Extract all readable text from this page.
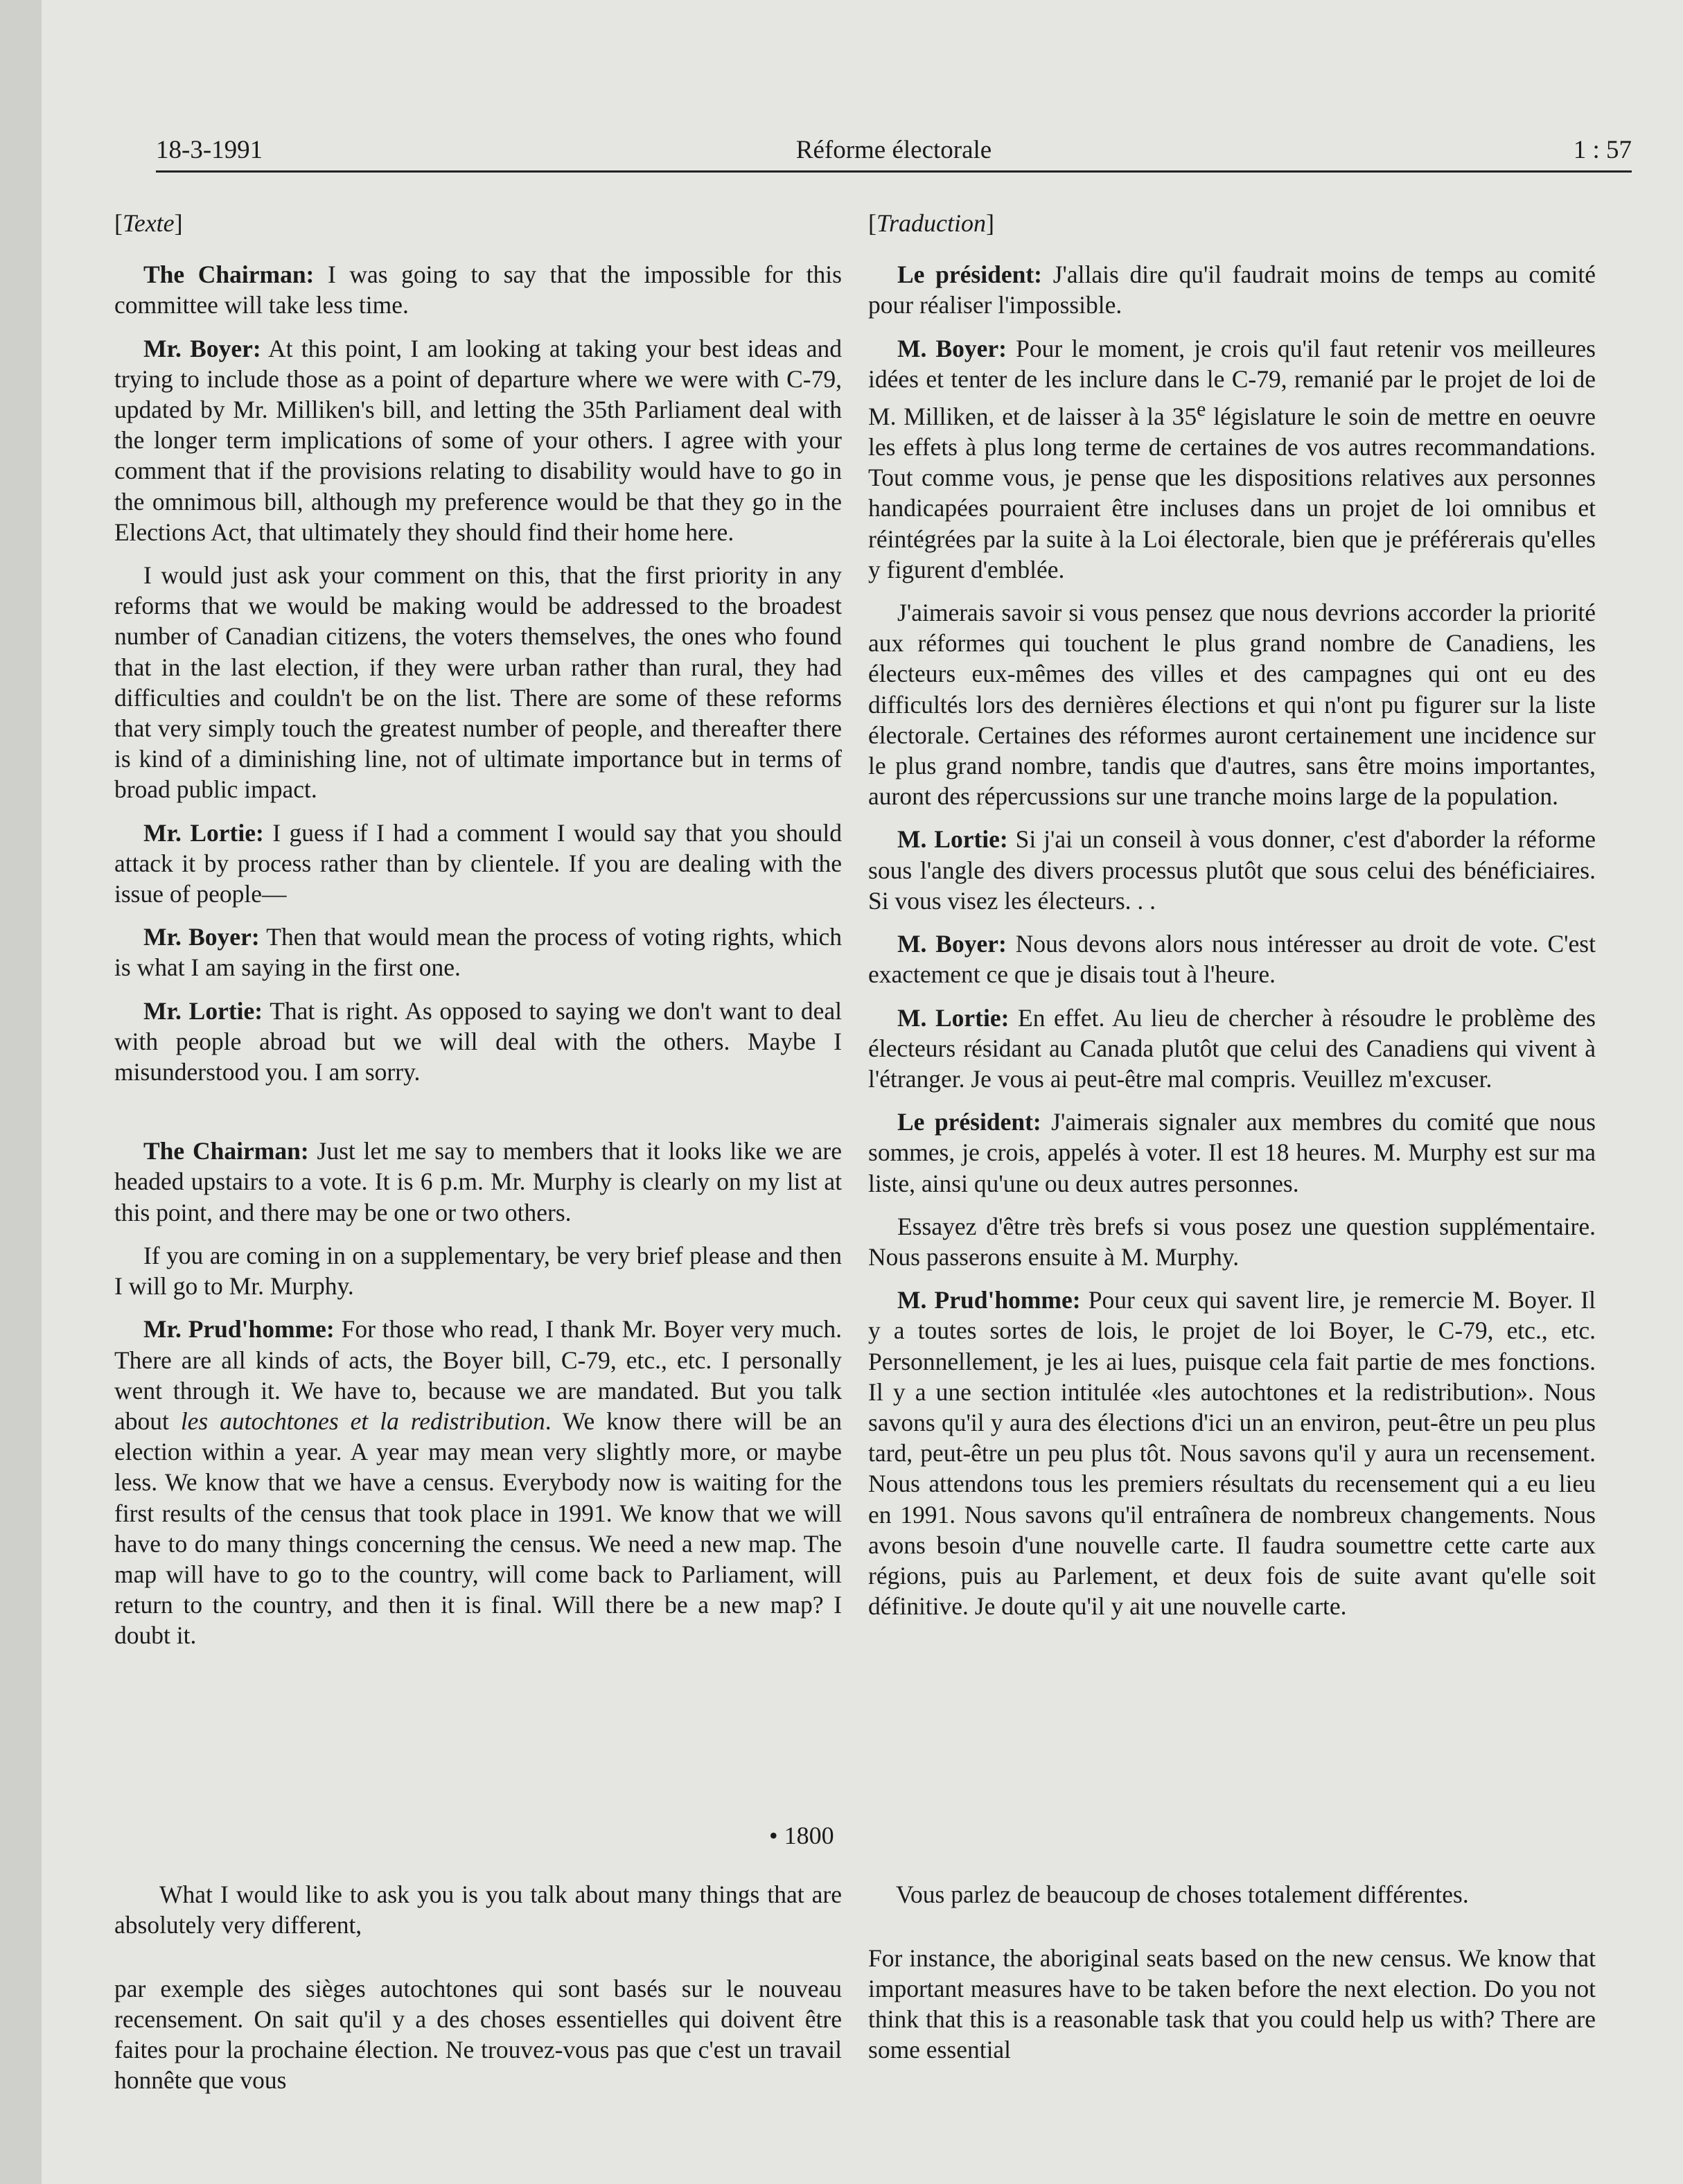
18-3-1991	Réforme électorale	1 : 57

[Texte]

The Chairman: I was going to say that the impossible for this committee will take less time.

Mr. Boyer: At this point, I am looking at taking your best ideas and trying to include those as a point of departure where we were with C-79, updated by Mr. Milliken's bill, and letting the 35th Parliament deal with the longer term implications of some of your others. I agree with your comment that if the provisions relating to disability would have to go in the omnimous bill, although my preference would be that they go in the Elections Act, that ultimately they should find their home here.

I would just ask your comment on this, that the first priority in any reforms that we would be making would be addressed to the broadest number of Canadian citizens, the voters themselves, the ones who found that in the last election, if they were urban rather than rural, they had difficulties and couldn't be on the list. There are some of these reforms that very simply touch the greatest number of people, and thereafter there is kind of a diminishing line, not of ultimate importance but in terms of broad public impact.

Mr. Lortie: I guess if I had a comment I would say that you should attack it by process rather than by clientele. If you are dealing with the issue of people—

Mr. Boyer: Then that would mean the process of voting rights, which is what I am saying in the first one.

Mr. Lortie: That is right. As opposed to saying we don't want to deal with people abroad but we will deal with the others. Maybe I misunderstood you. I am sorry.

The Chairman: Just let me say to members that it looks like we are headed upstairs to a vote. It is 6 p.m. Mr. Murphy is clearly on my list at this point, and there may be one or two others.

If you are coming in on a supplementary, be very brief please and then I will go to Mr. Murphy.

Mr. Prud'homme: For those who read, I thank Mr. Boyer very much. There are all kinds of acts, the Boyer bill, C-79, etc., etc. I personally went through it. We have to, because we are mandated. But you talk about les autochtones et la redistribution. We know there will be an election within a year. A year may mean very slightly more, or maybe less. We know that we have a census. Everybody now is waiting for the first results of the census that took place in 1991. We know that we will have to do many things concerning the census. We need a new map. The map will have to go to the country, will come back to Parliament, will return to the country, and then it is final. Will there be a new map? I doubt it.

[Traduction]

Le président: J'allais dire qu'il faudrait moins de temps au comité pour réaliser l'impossible.

M. Boyer: Pour le moment, je crois qu'il faut retenir vos meilleures idées et tenter de les inclure dans le C-79, remanié par le projet de loi de M. Milliken, et de laisser à la 35e législature le soin de mettre en oeuvre les effets à plus long terme de certaines de vos autres recommandations. Tout comme vous, je pense que les dispositions relatives aux personnes handicapées pourraient être incluses dans un projet de loi omnibus et réintégrées par la suite à la Loi électorale, bien que je préférerais qu'elles y figurent d'emblée.

J'aimerais savoir si vous pensez que nous devrions accorder la priorité aux réformes qui touchent le plus grand nombre de Canadiens, les électeurs eux-mêmes des villes et des campagnes qui ont eu des difficultés lors des dernières élections et qui n'ont pu figurer sur la liste électorale. Certaines des réformes auront certainement une incidence sur le plus grand nombre, tandis que d'autres, sans être moins importantes, auront des répercussions sur une tranche moins large de la population.

M. Lortie: Si j'ai un conseil à vous donner, c'est d'aborder la réforme sous l'angle des divers processus plutôt que sous celui des bénéficiaires. Si vous visez les électeurs. . .

M. Boyer: Nous devons alors nous intéresser au droit de vote. C'est exactement ce que je disais tout à l'heure.

M. Lortie: En effet. Au lieu de chercher à résoudre le problème des électeurs résidant au Canada plutôt que celui des Canadiens qui vivent à l'étranger. Je vous ai peut-être mal compris. Veuillez m'excuser.

Le président: J'aimerais signaler aux membres du comité que nous sommes, je crois, appelés à voter. Il est 18 heures. M. Murphy est sur ma liste, ainsi qu'une ou deux autres personnes.

Essayez d'être très brefs si vous posez une question supplémentaire. Nous passerons ensuite à M. Murphy.

M. Prud'homme: Pour ceux qui savent lire, je remercie M. Boyer. Il y a toutes sortes de lois, le projet de loi Boyer, le C-79, etc., etc. Personnellement, je les ai lues, puisque cela fait partie de mes fonctions. Il y a une section intitulée «les autochtones et la redistribution». Nous savons qu'il y aura des élections d'ici un an environ, peut-être un peu plus tard, peut-être un peu plus tôt. Nous savons qu'il y aura un recensement. Nous attendons tous les premiers résultats du recensement qui a eu lieu en 1991. Nous savons qu'il entraînera de nombreux changements. Nous avons besoin d'une nouvelle carte. Il faudra soumettre cette carte aux régions, puis au Parlement, et deux fois de suite avant qu'elle soit définitive. Je doute qu'il y ait une nouvelle carte.

• 1800

What I would like to ask you is you talk about many things that are absolutely very different,

par exemple des sièges autochtones qui sont basés sur le nouveau recensement. On sait qu'il y a des choses essentielles qui doivent être faites pour la prochaine élection. Ne trouvez-vous pas que c'est un travail honnête que vous

Vous parlez de beaucoup de choses totalement différentes.

For instance, the aboriginal seats based on the new census. We know that important measures have to be taken before the next election. Do you not think that this is a reasonable task that you could help us with? There are some essential
